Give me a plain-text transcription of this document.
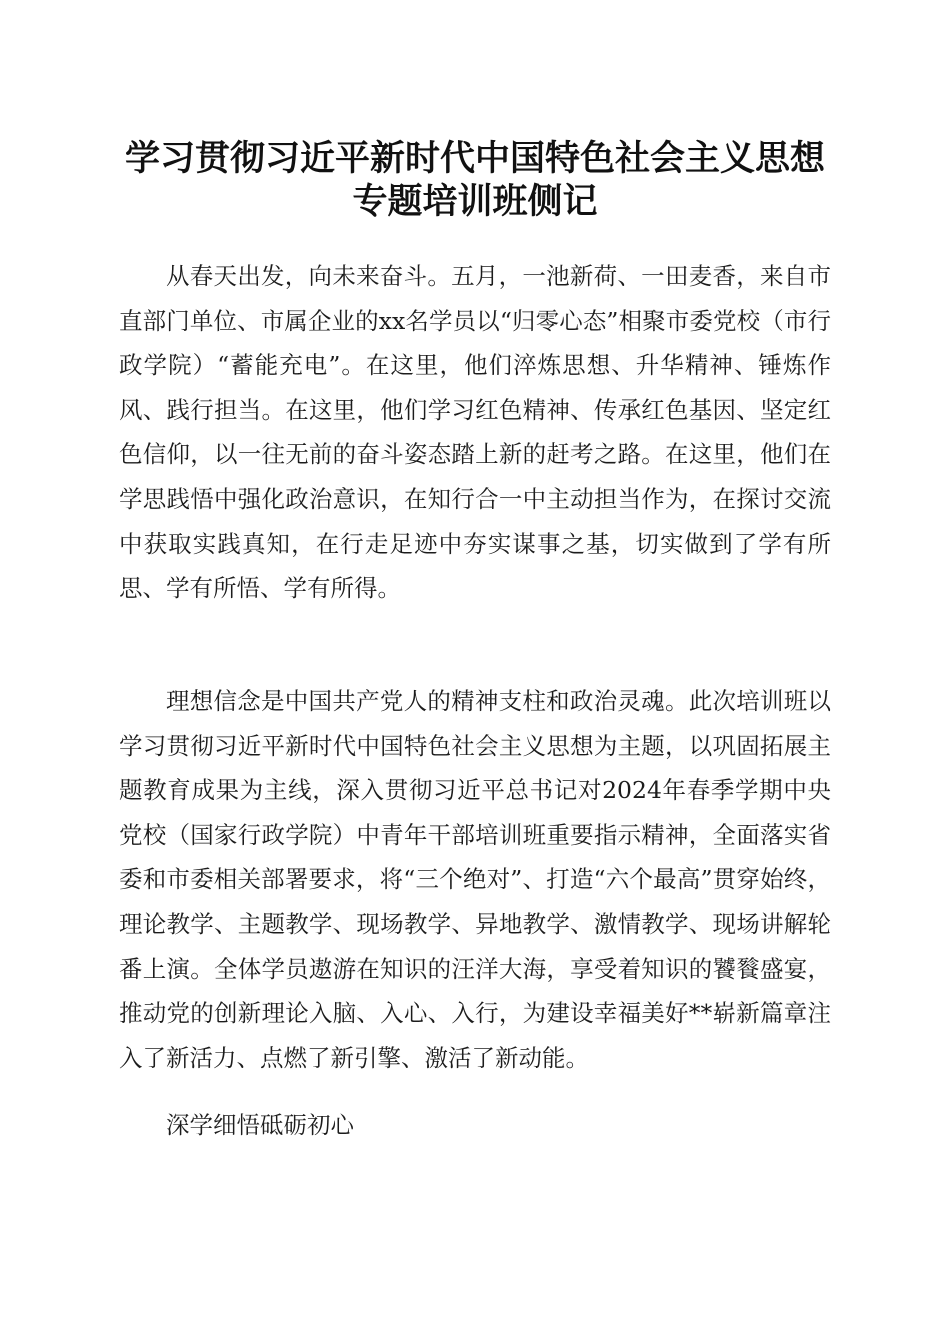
学习贯彻习近平新时代中国特色社会主义思想
专题培训班侧记

从春天出发，向未来奋斗。五月，一池新荷、一田麦香，来自市直部门单位、市属企业的xx名学员以“归零心态”相聚市委党校（市行政学院）“蓄能充电”。在这里，他们淬炼思想、升华精神、锤炼作风、践行担当。在这里，他们学习红色精神、传承红色基因、坚定红色信仰，以一往无前的奋斗姿态踏上新的赶考之路。在这里，他们在学思践悟中强化政治意识，在知行合一中主动担当作为，在探讨交流中获取实践真知，在行走足迹中夯实谋事之基，切实做到了学有所思、学有所悟、学有所得。

理想信念是中国共产党人的精神支柱和政治灵魂。此次培训班以学习贯彻习近平新时代中国特色社会主义思想为主题，以巩固拓展主题教育成果为主线，深入贯彻习近平总书记对2024年春季学期中央党校（国家行政学院）中青年干部培训班重要指示精神，全面落实省委和市委相关部署要求，将“三个绝对”、打造“六个最高”贯穿始终，理论教学、主题教学、现场教学、异地教学、激情教学、现场讲解轮番上演。全体学员遨游在知识的汪洋大海，享受着知识的饕餮盛宴，推动党的创新理论入脑、入心、入行，为建设幸福美好**崭新篇章注入了新活力、点燃了新引擎、激活了新动能。

深学细悟砥砺初心
